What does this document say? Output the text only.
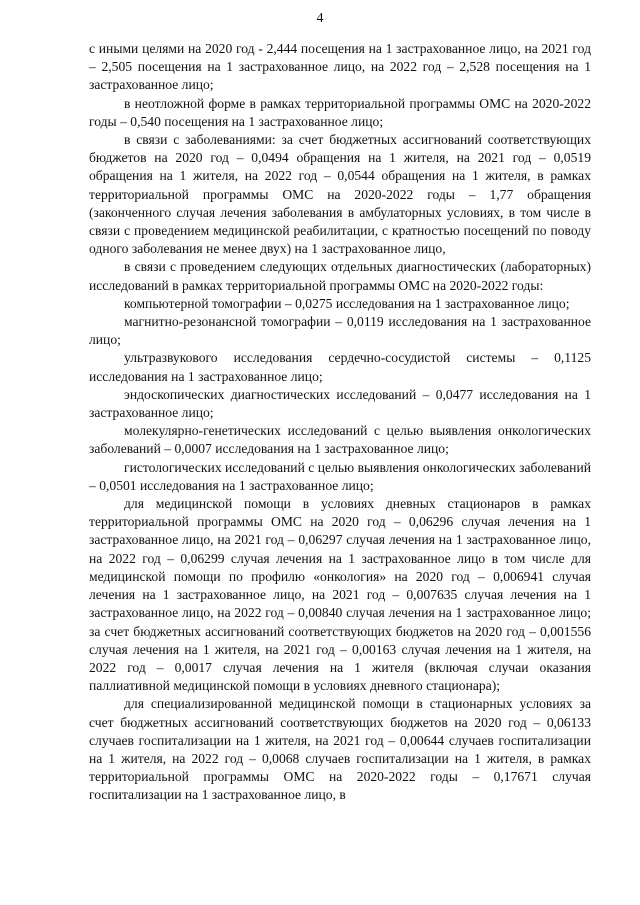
4

с иными целями на 2020 год - 2,444 посещения на 1 застрахованное лицо, на 2021 год – 2,505 посещения на 1 застрахованное лицо, на 2022 год – 2,528 посещения на 1 застрахованное лицо;

в неотложной форме в рамках территориальной программы ОМС на 2020-2022 годы – 0,540 посещения на 1 застрахованное лицо;

в связи с заболеваниями: за счет бюджетных ассигнований соответствующих бюджетов на 2020 год – 0,0494 обращения на 1 жителя, на 2021 год – 0,0519 обращения на 1 жителя, на 2022 год – 0,0544 обращения на 1 жителя, в рамках территориальной программы ОМС на 2020-2022 годы – 1,77 обращения (законченного случая лечения заболевания в амбулаторных условиях, в том числе в связи с проведением медицинской реабилитации, с кратностью посещений по поводу одного заболевания не менее двух) на 1 застрахованное лицо,

в связи с проведением следующих отдельных диагностических (лабораторных) исследований в рамках территориальной программы ОМС на 2020-2022 годы:

компьютерной томографии – 0,0275 исследования на 1 застрахованное лицо;

магнитно-резонансной томографии – 0,0119 исследования на 1 застрахованное лицо;

ультразвукового исследования сердечно-сосудистой системы – 0,1125 исследования на 1 застрахованное лицо;

эндоскопических диагностических исследований – 0,0477 исследования на 1 застрахованное лицо;

молекулярно-генетических исследований с целью выявления онкологических заболеваний – 0,0007 исследования на 1 застрахованное лицо;

гистологических исследований с целью выявления онкологических заболеваний – 0,0501 исследования на 1 застрахованное лицо;

для медицинской помощи в условиях дневных стационаров в рамках территориальной программы ОМС на 2020 год – 0,06296 случая лечения на 1 застрахованное лицо, на 2021 год – 0,06297 случая лечения на 1 застрахованное лицо, на 2022 год – 0,06299 случая лечения на 1 застрахованное лицо в том числе для медицинской помощи по профилю «онкология» на 2020 год – 0,006941 случая лечения на 1 застрахованное лицо, на 2021 год – 0,007635 случая лечения на 1 застрахованное лицо, на 2022 год – 0,00840 случая лечения на 1 застрахованное лицо; за счет бюджетных ассигнований соответствующих бюджетов на 2020 год – 0,001556 случая лечения на 1 жителя, на 2021 год – 0,00163 случая лечения на 1 жителя, на 2022 год – 0,0017 случая лечения на 1 жителя (включая случаи оказания паллиативной медицинской помощи в условиях дневного стационара);

для специализированной медицинской помощи в стационарных условиях за счет бюджетных ассигнований соответствующих бюджетов на 2020 год – 0,06133 случаев госпитализации на 1 жителя, на 2021 год – 0,00644 случаев госпитализации на 1 жителя, на 2022 год – 0,0068 случаев госпитализации на 1 жителя, в рамках территориальной программы ОМС на 2020-2022 годы – 0,17671 случая госпитализации на 1 застрахованное лицо, в
